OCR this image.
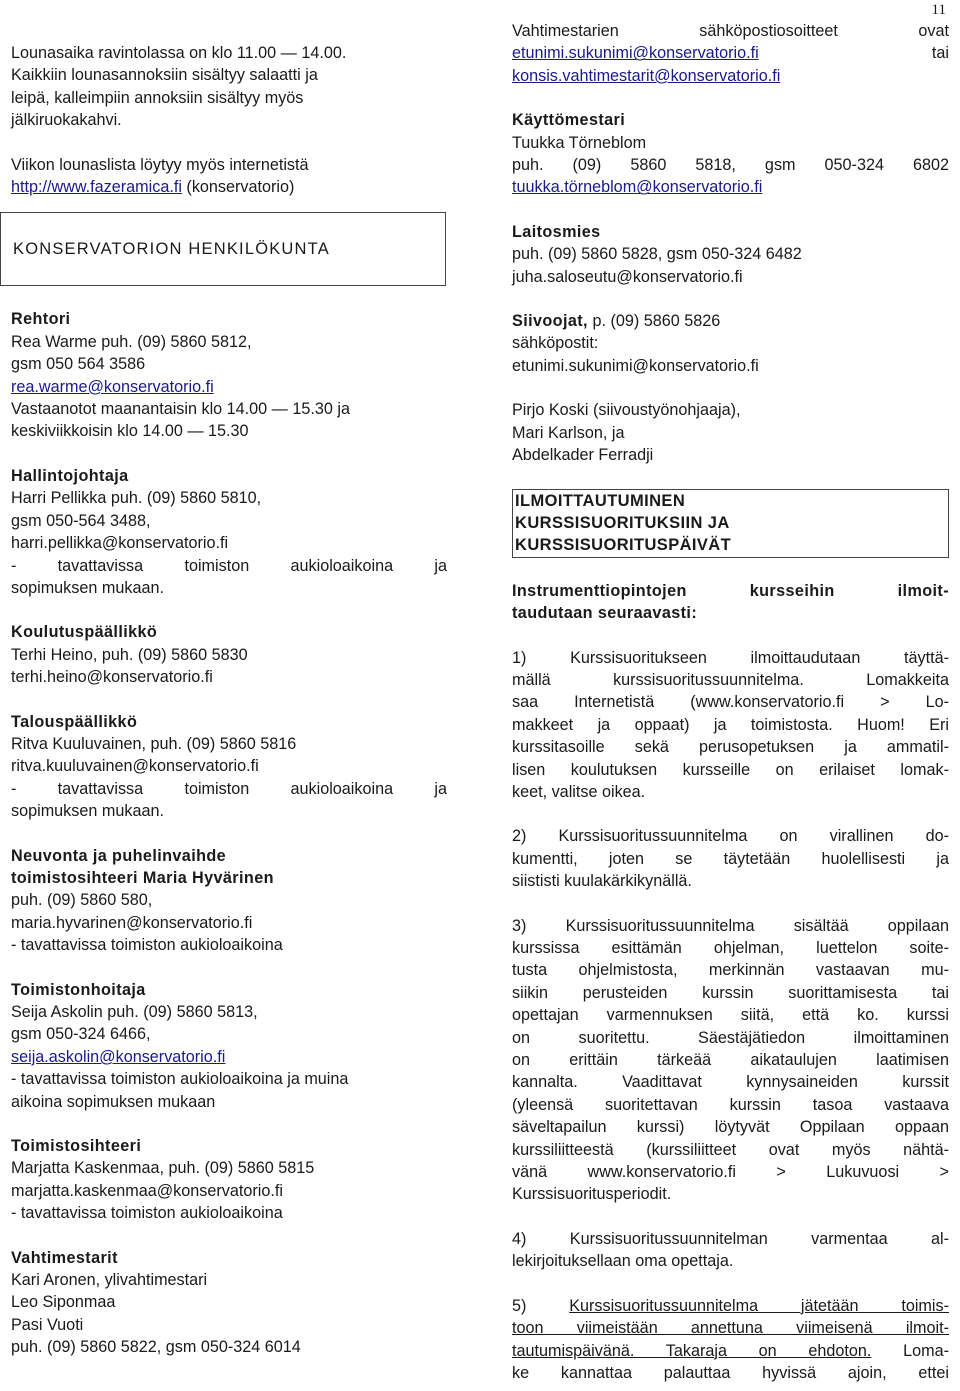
11

Lounasaika ravintolassa on klo 11.00 — 14.00.

Kaikkiin lounasannoksiin sisältyy salaatti ja

leipä, kalleimpiin annoksiin sisältyy myös

jälkiruokakahvi.

Viikon lounaslista löytyy myös internetistä

http://www.fazeramica.fi (konservatorio)

KONSERVATORION HENKILÖKUNTA

Rehtori

Rea Warme puh. (09) 5860 5812,

gsm 050 564 3586

rea.warme@konservatorio.fi

Vastaanotot maanantaisin klo 14.00 — 15.30 ja

keskiviikkoisin klo 14.00 — 15.30

Hallintojohtaja

Harri Pellikka puh. (09) 5860 5810,

gsm 050-564 3488,

harri.pellikka@konservatorio.fi

- tavattavissa toimiston aukioloaikoina ja

sopimuksen mukaan.

Koulutuspäällikkö

Terhi Heino, puh. (09) 5860 5830

terhi.heino@konservatorio.fi

Talouspäällikkö

Ritva Kuuluvainen, puh. (09) 5860 5816

ritva.kuuluvainen@konservatorio.fi

- tavattavissa toimiston aukioloaikoina ja

sopimuksen mukaan.

Neuvonta ja puhelinvaihde

toimistosihteeri Maria Hyvärinen

puh. (09) 5860 580,

maria.hyvarinen@konservatorio.fi

- tavattavissa toimiston aukioloaikoina

Toimistonhoitaja

Seija Askolin puh. (09) 5860 5813,

gsm 050-324 6466,

seija.askolin@konservatorio.fi

- tavattavissa toimiston aukioloaikoina ja muina

aikoina sopimuksen mukaan

Toimistosihteeri

Marjatta Kaskenmaa, puh. (09) 5860 5815

marjatta.kaskenmaa@konservatorio.fi

- tavattavissa toimiston aukioloaikoina

Vahtimestarit

Kari Aronen, ylivahtimestari

Leo Siponmaa

Pasi Vuoti

puh. (09) 5860 5822, gsm 050-324 6014

Vahtimestarien sähköpostiosoitteet ovat

etunimi.sukunimi@konservatorio.fi	tai

konsis.vahtimestarit@konservatorio.fi

Käyttömestari

Tuukka Törneblom

puh. (09) 5860 5818, gsm 050-324 6802

tuukka.törneblom@konservatorio.fi

Laitosmies

puh. (09) 5860 5828, gsm 050-324 6482

juha.saloseutu@konservatorio.fi

Siivoojat, p. (09) 5860 5826

sähköpostit:

etunimi.sukunimi@konservatorio.fi

Pirjo Koski (siivoustyönohjaaja),

Mari Karlson, ja

Abdelkader Ferradji

ILMOITTAUTUMINEN

KURSSISUORITUKSIIN JA

KURSSISUORITUSPÄIVÄT

Instrumenttiopintojen kursseihin ilmoit-

taudutaan seuraavasti:

1) Kurssisuoritukseen ilmoittaudutaan täyttä-

mällä kurssisuoritussuunnitelma. Lomakkeita

saa Internetistä (www.konservatorio.fi > Lo-

makkeet ja oppaat) ja toimistosta. Huom! Eri

kurssitasoille sekä perusopetuksen ja ammatil-

lisen koulutuksen kursseille on erilaiset lomak-

keet, valitse oikea.

2) Kurssisuoritussuunnitelma on virallinen do-

kumentti, joten se täytetään huolellisesti ja

siististi kuulakärkikynällä.

3) Kurssisuoritussuunnitelma sisältää oppilaan

kurssissa esittämän ohjelman, luettelon soite-

tusta ohjelmistosta, merkinnän vastaavan mu-

siikin perusteiden kurssin suorittamisesta tai

opettajan varmennuksen siitä, että ko. kurssi

on suoritettu. Säestäjätiedon ilmoittaminen

on erittäin tärkeää aikataulujen laatimisen

kannalta. Vaadittavat kynnysaineiden kurssit

(yleensä suoritettavan kurssin tasoa vastaava

säveltapailun kurssi) löytyvät Oppilaan oppaan

kurssiliitteestä (kurssiliitteet ovat myös nähtä-

vänä www.konservatorio.fi > Lukuvuosi >

Kurssisuoritusperiodit.

4) Kurssisuoritussuunnitelman varmentaa al-

lekirjoituksellaan oma opettaja.

5) Kurssisuoritussuunnitelma jätetään toimis-

toon viimeistään annettuna viimeisenä ilmoit-

tautumispäivänä. Takaraja on ehdoton. Loma-

ke kannattaa palauttaa hyvissä ajoin, ettei
